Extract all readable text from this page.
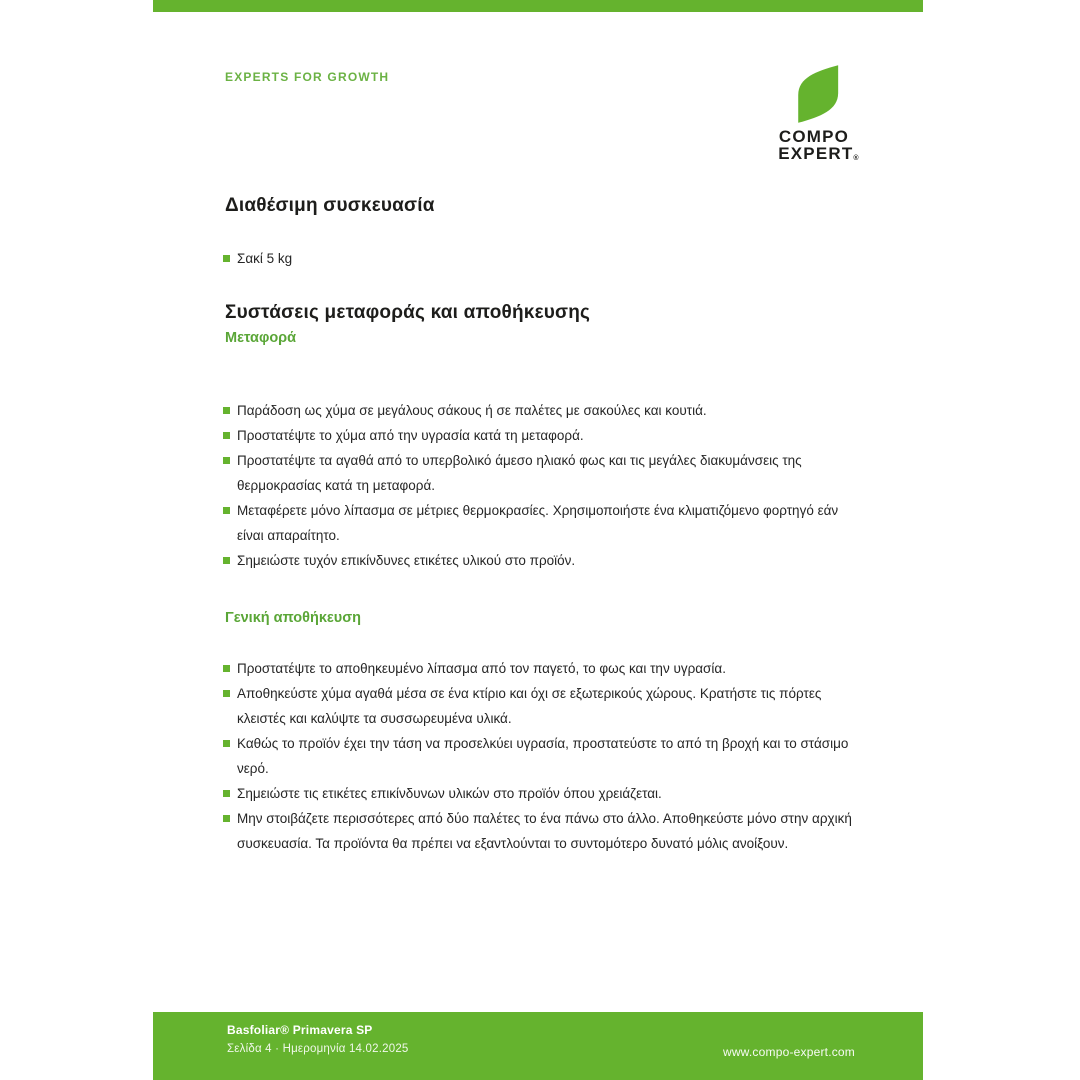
EXPERTS FOR GROWTH
COMPO
EXPERT®
Διαθέσιμη συσκευασία
Σακί 5 kg
Συστάσεις μεταφοράς και αποθήκευσης
Μεταφορά
Παράδοση ως χύμα σε μεγάλους σάκους ή σε παλέτες με σακούλες και κουτιά.
Προστατέψτε το χύμα από την υγρασία κατά τη μεταφορά.
Προστατέψτε τα αγαθά από το υπερβολικό άμεσο ηλιακό φως και τις μεγάλες διακυμάνσεις της θερμοκρασίας κατά τη μεταφορά.
Μεταφέρετε μόνο λίπασμα σε μέτριες θερμοκρασίες. Χρησιμοποιήστε ένα κλιματιζόμενο φορτηγό εάν είναι απαραίτητο.
Σημειώστε τυχόν επικίνδυνες ετικέτες υλικού στο προϊόν.
Γενική αποθήκευση
Προστατέψτε το αποθηκευμένο λίπασμα από τον παγετό, το φως και την υγρασία.
Αποθηκεύστε χύμα αγαθά μέσα σε ένα κτίριο και όχι σε εξωτερικούς χώρους. Κρατήστε τις πόρτες κλειστές και καλύψτε τα συσσωρευμένα υλικά.
Καθώς το προϊόν έχει την τάση να προσελκύει υγρασία, προστατεύστε το από τη βροχή και το στάσιμο νερό.
Σημειώστε τις ετικέτες επικίνδυνων υλικών στο προϊόν όπου χρειάζεται.
Μην στοιβάζετε περισσότερες από δύο παλέτες το ένα πάνω στο άλλο. Αποθηκεύστε μόνο στην αρχική συσκευασία. Τα προϊόντα θα πρέπει να εξαντλούνται το συντομότερο δυνατό μόλις ανοίξουν.
Basfoliar® Primavera SP
Σελίδα 4 · Ημερομηνία 14.02.2025	www.compo-expert.com
